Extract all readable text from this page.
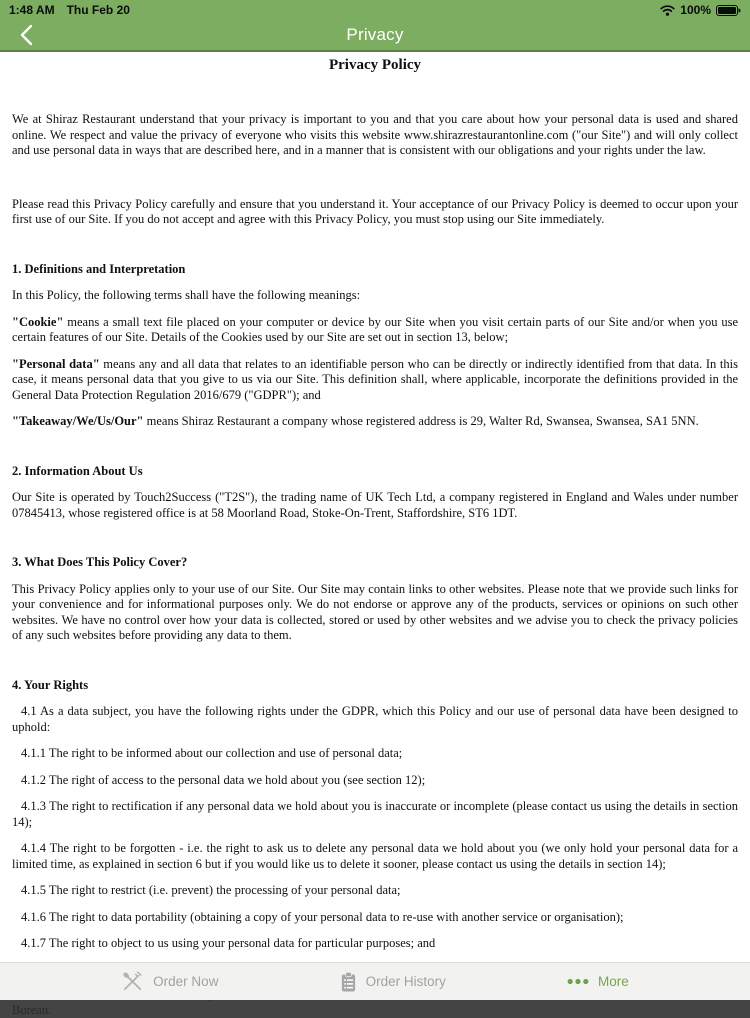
1:48 AM Thu Feb 20	100%
Privacy
Privacy Policy
We at Shiraz Restaurant understand that your privacy is important to you and that you care about how your personal data is used and shared online. We respect and value the privacy of everyone who visits this website www.shirazrestaurantonline.com ("our Site") and will only collect and use personal data in ways that are described here, and in a manner that is consistent with our obligations and your rights under the law.
Please read this Privacy Policy carefully and ensure that you understand it. Your acceptance of our Privacy Policy is deemed to occur upon your first use of our Site. If you do not accept and agree with this Privacy Policy, you must stop using our Site immediately.
1. Definitions and Interpretation
In this Policy, the following terms shall have the following meanings:
"Cookie" means a small text file placed on your computer or device by our Site when you visit certain parts of our Site and/or when you use certain features of our Site. Details of the Cookies used by our Site are set out in section 13, below;
"Personal data" means any and all data that relates to an identifiable person who can be directly or indirectly identified from that data. In this case, it means personal data that you give to us via our Site. This definition shall, where applicable, incorporate the definitions provided in the General Data Protection Regulation 2016/679 ("GDPR"); and
"Takeaway/We/Us/Our" means Shiraz Restaurant a company whose registered address is 29, Walter Rd, Swansea, Swansea, SA1 5NN.
2. Information About Us
Our Site is operated by Touch2Success ("T2S"), the trading name of UK Tech Ltd, a company registered in England and Wales under number 07845413, whose registered office is at 58 Moorland Road, Stoke-On-Trent, Staffordshire, ST6 1DT.
3. What Does This Policy Cover?
This Privacy Policy applies only to your use of our Site. Our Site may contain links to other websites. Please note that we provide such links for your convenience and for informational purposes only. We do not endorse or approve any of the products, services or opinions on such other websites. We have no control over how your data is collected, stored or used by other websites and we advise you to check the privacy policies of any such websites before providing any data to them.
4. Your Rights
4.1 As a data subject, you have the following rights under the GDPR, which this Policy and our use of personal data have been designed to uphold:
4.1.1 The right to be informed about our collection and use of personal data;
4.1.2 The right of access to the personal data we hold about you (see section 12);
4.1.3 The right to rectification if any personal data we hold about you is inaccurate or incomplete (please contact us using the details in section 14);
4.1.4 The right to be forgotten - i.e. the right to ask us to delete any personal data we hold about you (we only hold your personal data for a limited time, as explained in section 6 but if you would like us to delete it sooner, please contact us using the details in section 14);
4.1.5 The right to restrict (i.e. prevent) the processing of your personal data;
4.1.6 The right to data portability (obtaining a copy of your personal data to re-use with another service or organisation);
4.1.7 The right to object to us using your personal data for particular purposes; and
Bureau.
Order Now	Order History	More
